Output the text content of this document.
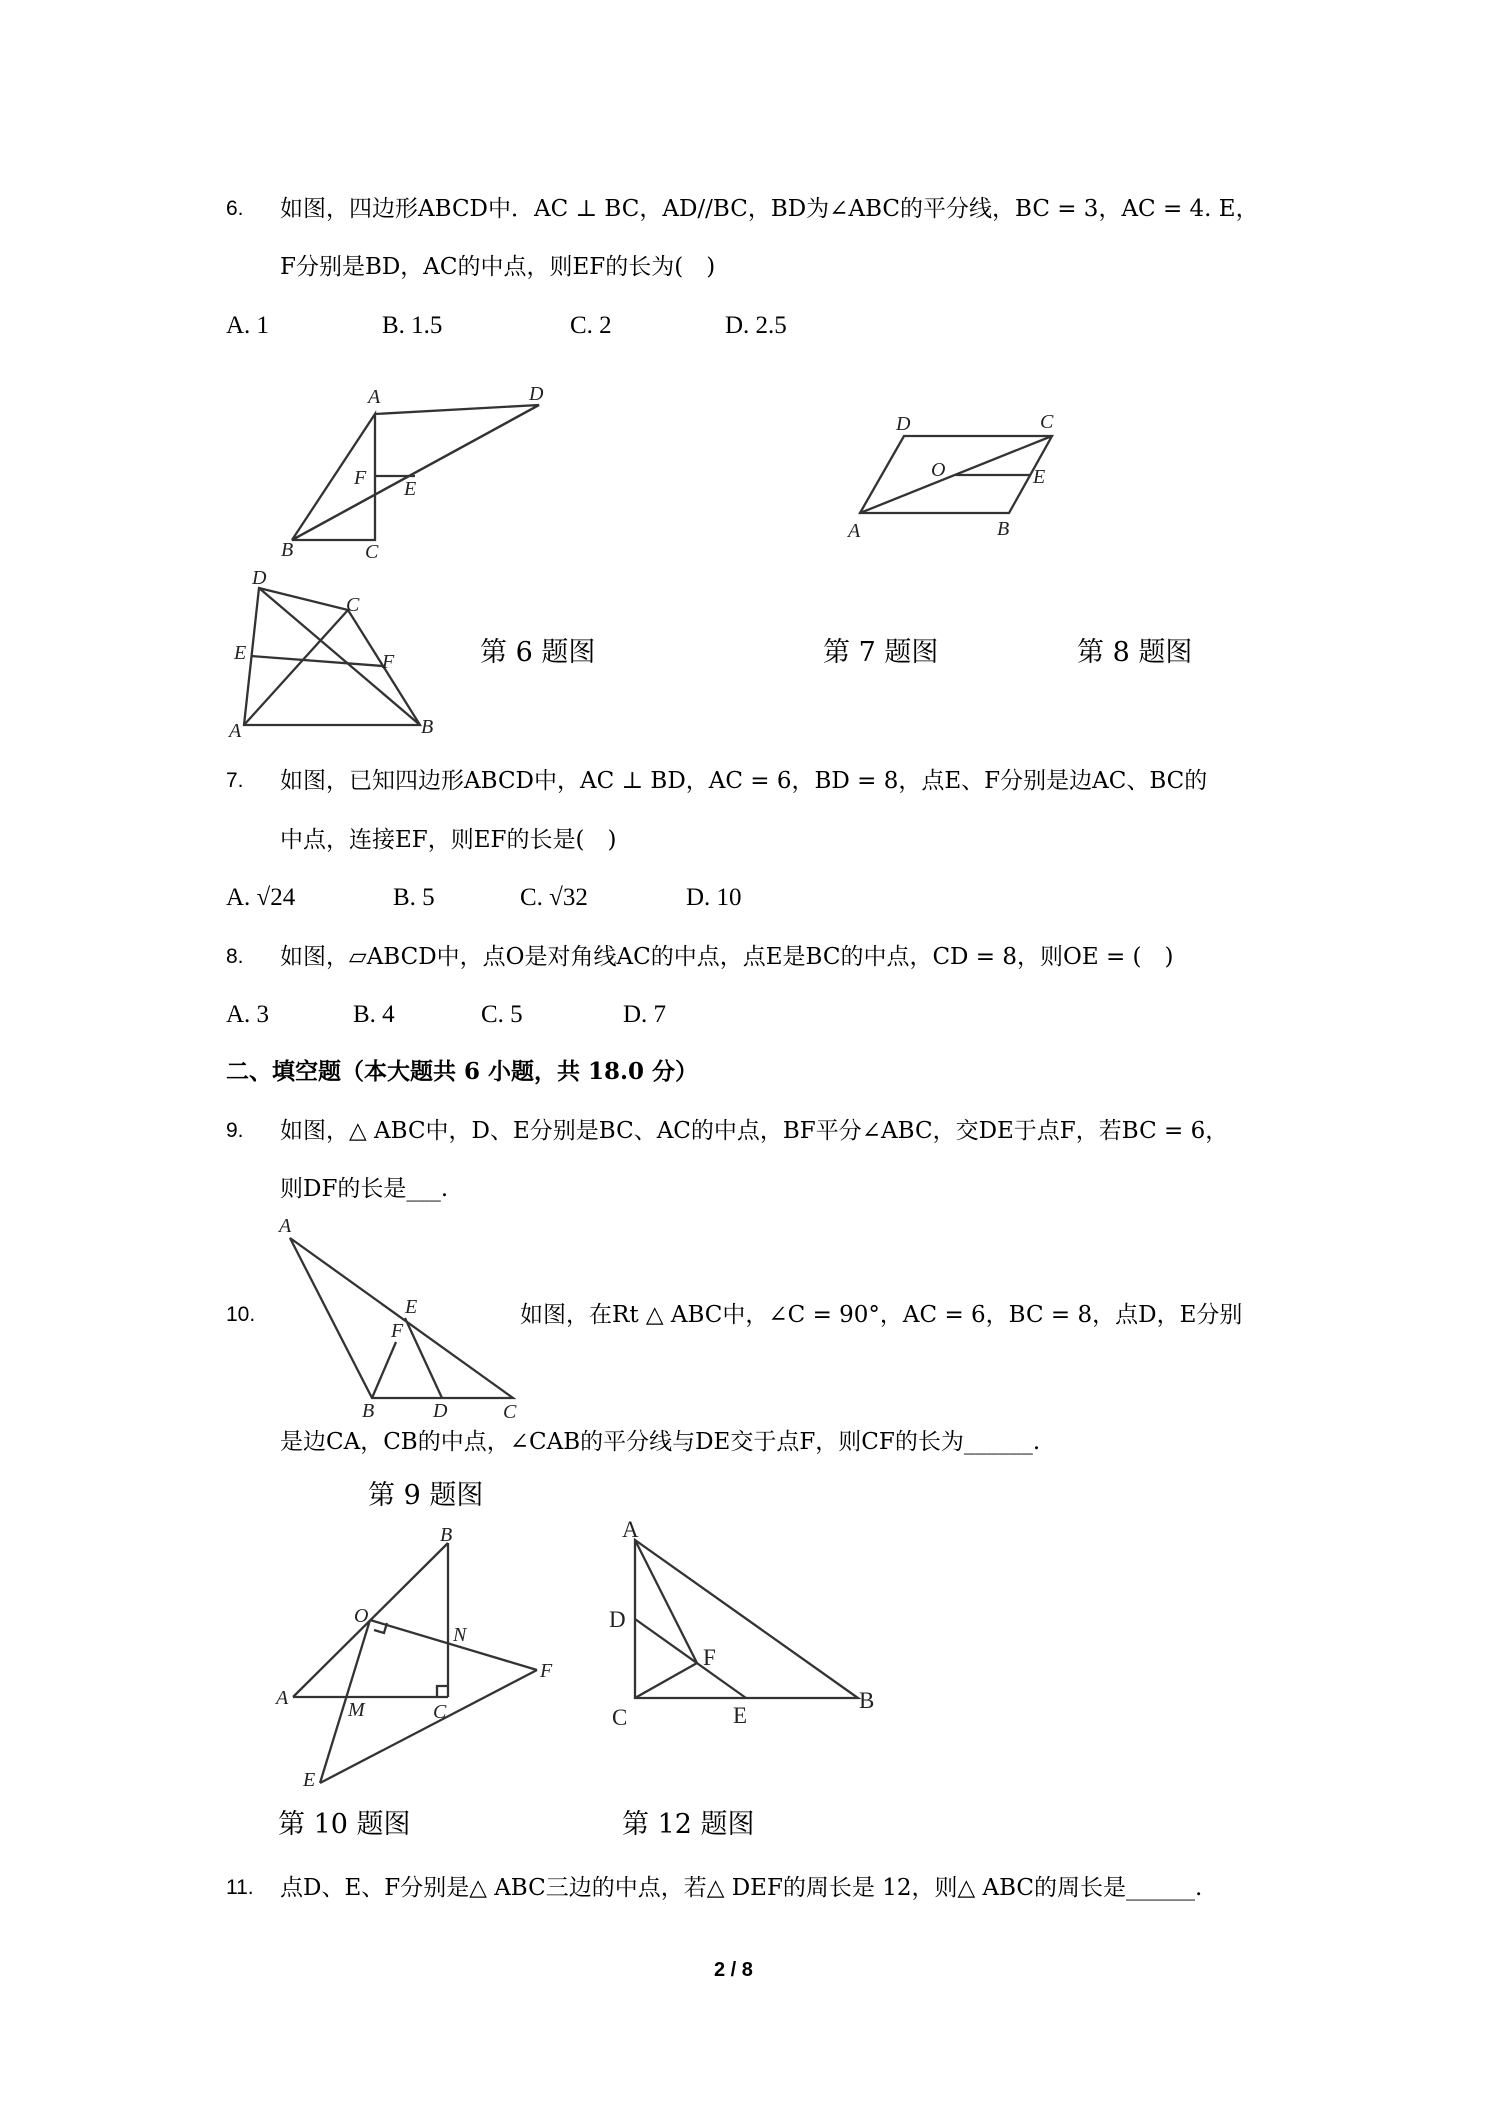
6. 如图，四边形ABCD中．AC ⊥ BC，AD//BC，BD为∠ABC的平分线，BC = 3，AC = 4. E，
F分别是BD，AC的中点，则EF的长为(　)
A. 1	B. 1.5	C. 2	D. 2.5
A	D
F E
B	C
D	C
O	E
A	B
D
C
E	F
A	B
第 6 题图	第 7 题图	第 8 题图
7. 如图，已知四边形ABCD中，AC ⊥ BD，AC = 6，BD = 8，点E、F分别是边AC、BC的
中点，连接EF，则EF的长是(　)
A. √24	B. 5	C. √32	D. 10
8. 如图，▱ABCD中，点O是对角线AC的中点，点E是BC的中点，CD = 8，则OE = (　)
A. 3	B. 4	C. 5	D. 7
二、填空题（本大题共 6 小题，共 18.0 分）
9. 如图，△ ABC中，D、E分别是BC、AC的中点，BF平分∠ABC，交DE于点F，若BC = 6，
则DF的长是___.
A
E
F
B	D	C
10.	如图，在Rt △ ABC中，∠C = 90°，AC = 6，BC = 8，点D，E分别
是边CA，CB的中点，∠CAB的平分线与DE交于点F，则CF的长为______.
第 9 题图
B
O
N
F
A
M	C
E
A
D
F
C	E
B
第 10 题图	第 12 题图
11. 点D、E、F分别是△ ABC三边的中点，若△ DEF的周长是 12，则△ ABC的周长是______.
2 / 8
